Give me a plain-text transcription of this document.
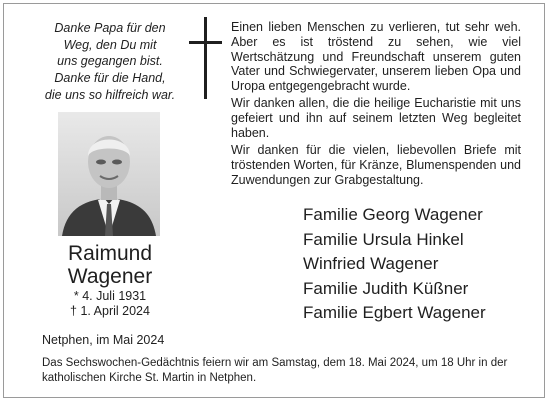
Danke Papa für den
Weg, den Du mit
uns gegangen bist.
Danke für die Hand,
die uns so hilfreich war.
Einen lieben Menschen zu verlieren, tut sehr weh. Aber es ist tröstend zu sehen, wie viel Wertschätzung und Freundschaft unserem guten Vater und Schwiegervater, unserem lieben Opa und Uropa entgegengebracht wurde.
Wir danken allen, die die heilige Eucharistie mit uns gefeiert und ihn auf seinem letzten Weg begleitet haben.
Wir danken für die vielen, liebevollen Briefe mit tröstenden Worten, für Kränze, Blumenspenden und Zuwendungen zur Grabgestaltung.
Raimund
Wagener
* 4. Juli 1931
† 1. April 2024
Familie Georg Wagener
Familie Ursula Hinkel
Winfried Wagener
Familie Judith Küßner
Familie Egbert Wagener
Netphen, im Mai 2024
Das Sechswochen-Gedächtnis feiern wir am Samstag, dem 18. Mai 2024, um 18 Uhr in der katholischen Kirche St. Martin in Netphen.
